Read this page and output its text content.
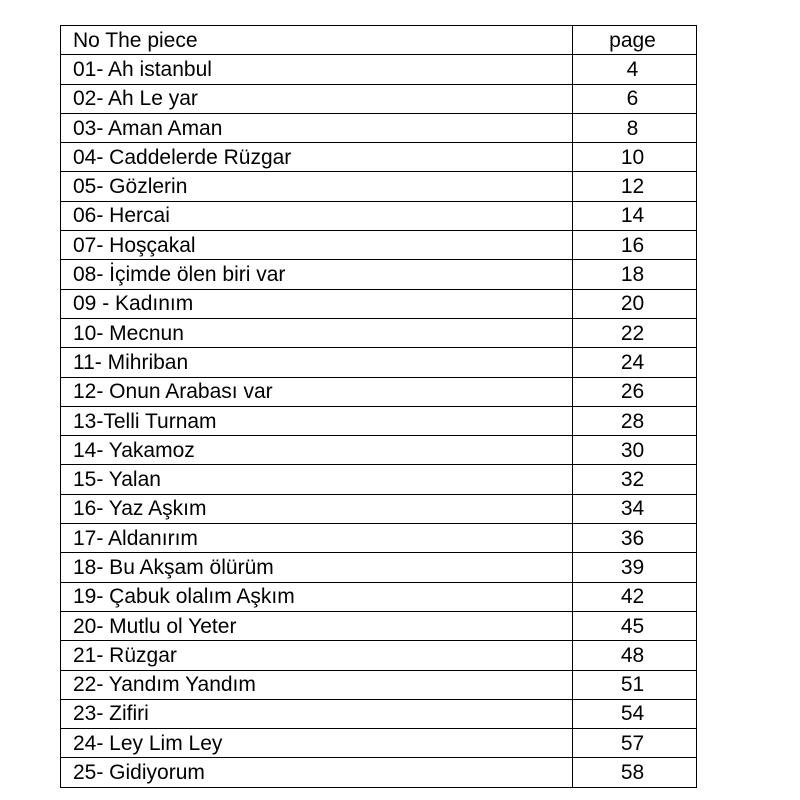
No The piece	page
01- Ah istanbul	4
02- Ah Le yar	6
03- Aman Aman	8
04- Caddelerde Rüzgar	10
05- Gözlerin	12
06- Hercai	14
07- Hoşçakal	16
08- İçimde ölen biri var	18
09 - Kadınım	20
10- Mecnun	22
11- Mihriban	24
12- Onun Arabası var	26
13-Telli Turnam	28
14- Yakamoz	30
15- Yalan	32
16- Yaz Aşkım	34
17- Aldanırım	36
18- Bu Akşam ölürüm	39
19- Çabuk olalım Aşkım	42
20- Mutlu ol Yeter	45
21- Rüzgar	48
22- Yandım Yandım	51
23- Zifiri	54
24- Ley Lim Ley	57
25- Gidiyorum	58
